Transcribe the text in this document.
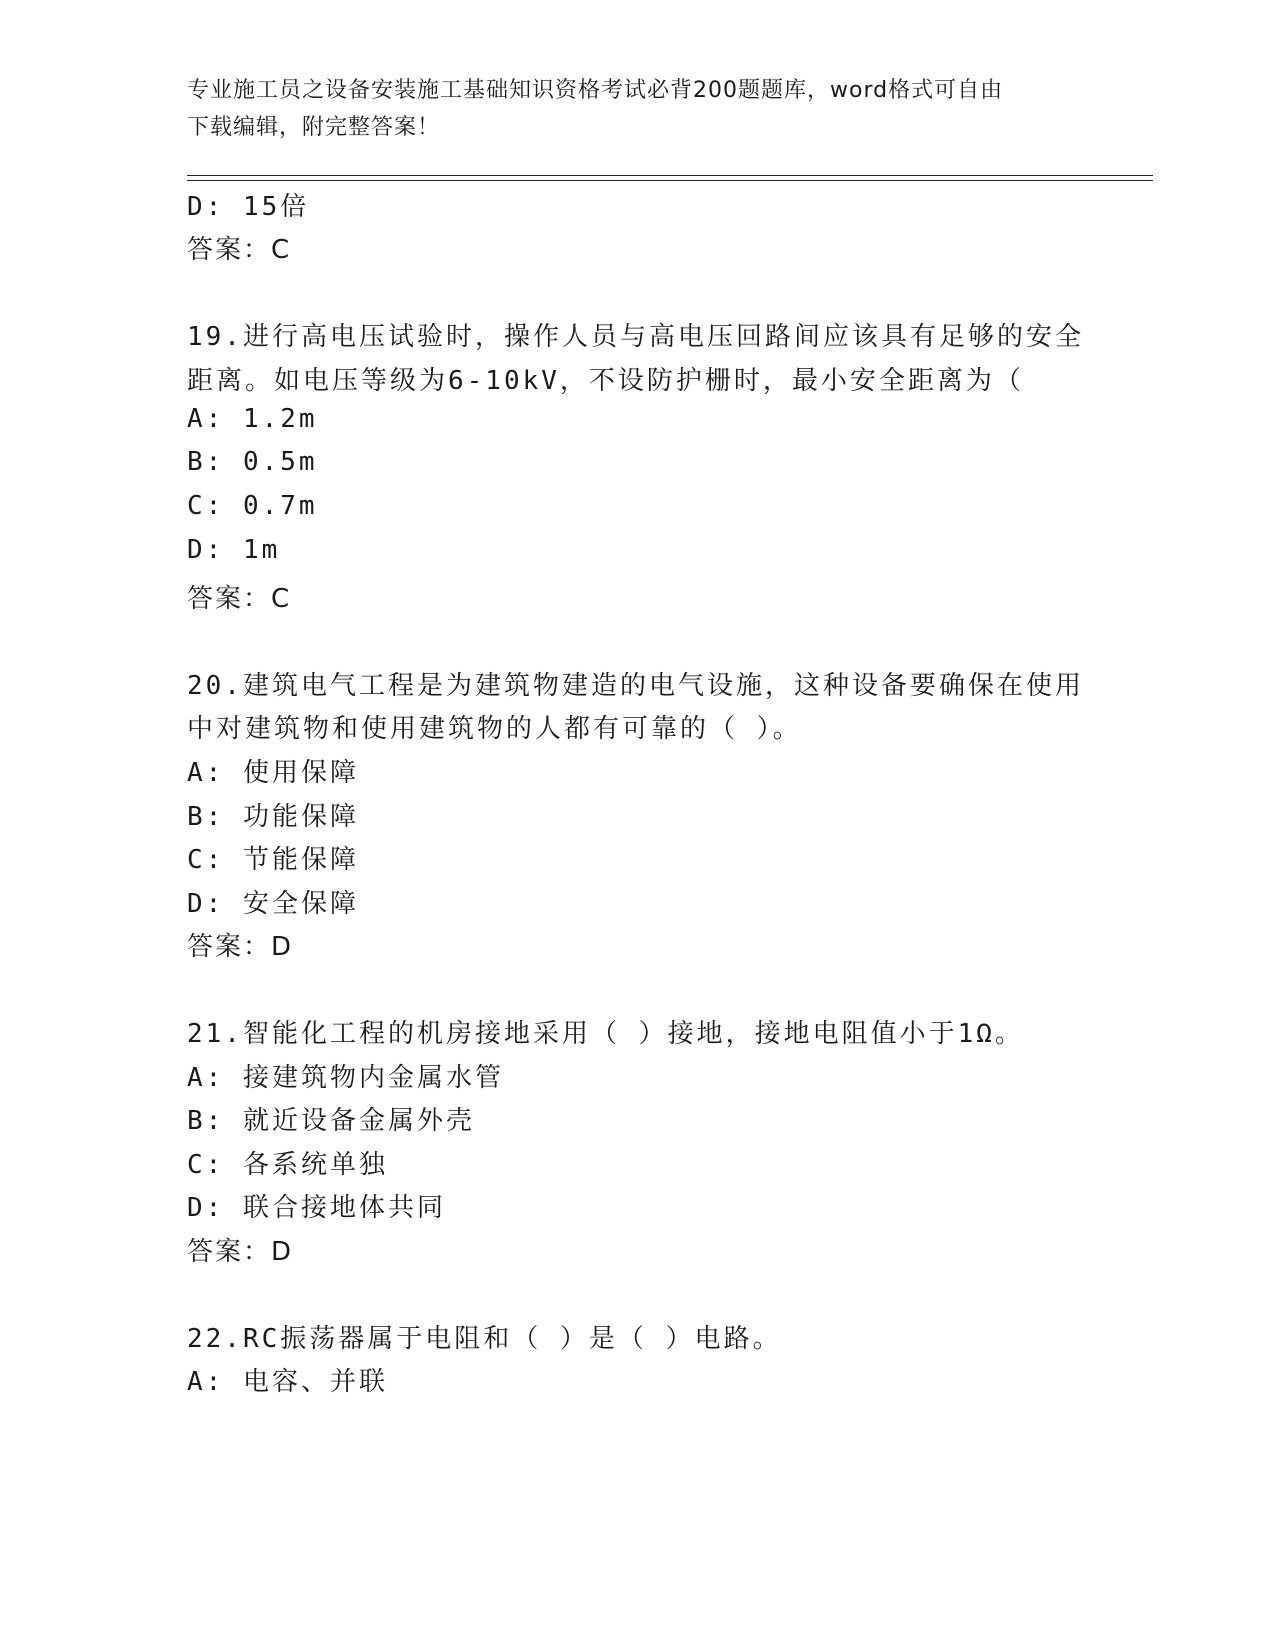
专业施工员之设备安装施工基础知识资格考试必背200题题库，word格式可自由
下载编辑，附完整答案！
D: 15倍
答案：C
19.进行高电压试验时，操作人员与高电压回路间应该具有足够的安全
距离。如电压等级为6-10kV，不设防护栅时，最小安全距离为（
A: 1.2m
B: 0.5m
C: 0.7m
D: 1m
答案：C
20.建筑电气工程是为建筑物建造的电气设施，这种设备要确保在使用
中对建筑物和使用建筑物的人都有可靠的（ ）。
A: 使用保障
B: 功能保障
C: 节能保障
D: 安全保障
答案：D
21.智能化工程的机房接地采用（ ）接地，接地电阻值小于1Ω。
A: 接建筑物内金属水管
B: 就近设备金属外壳
C: 各系统单独
D: 联合接地体共同
答案：D
22.RC振荡器属于电阻和（ ）是（ ）电路。
A: 电容、并联
